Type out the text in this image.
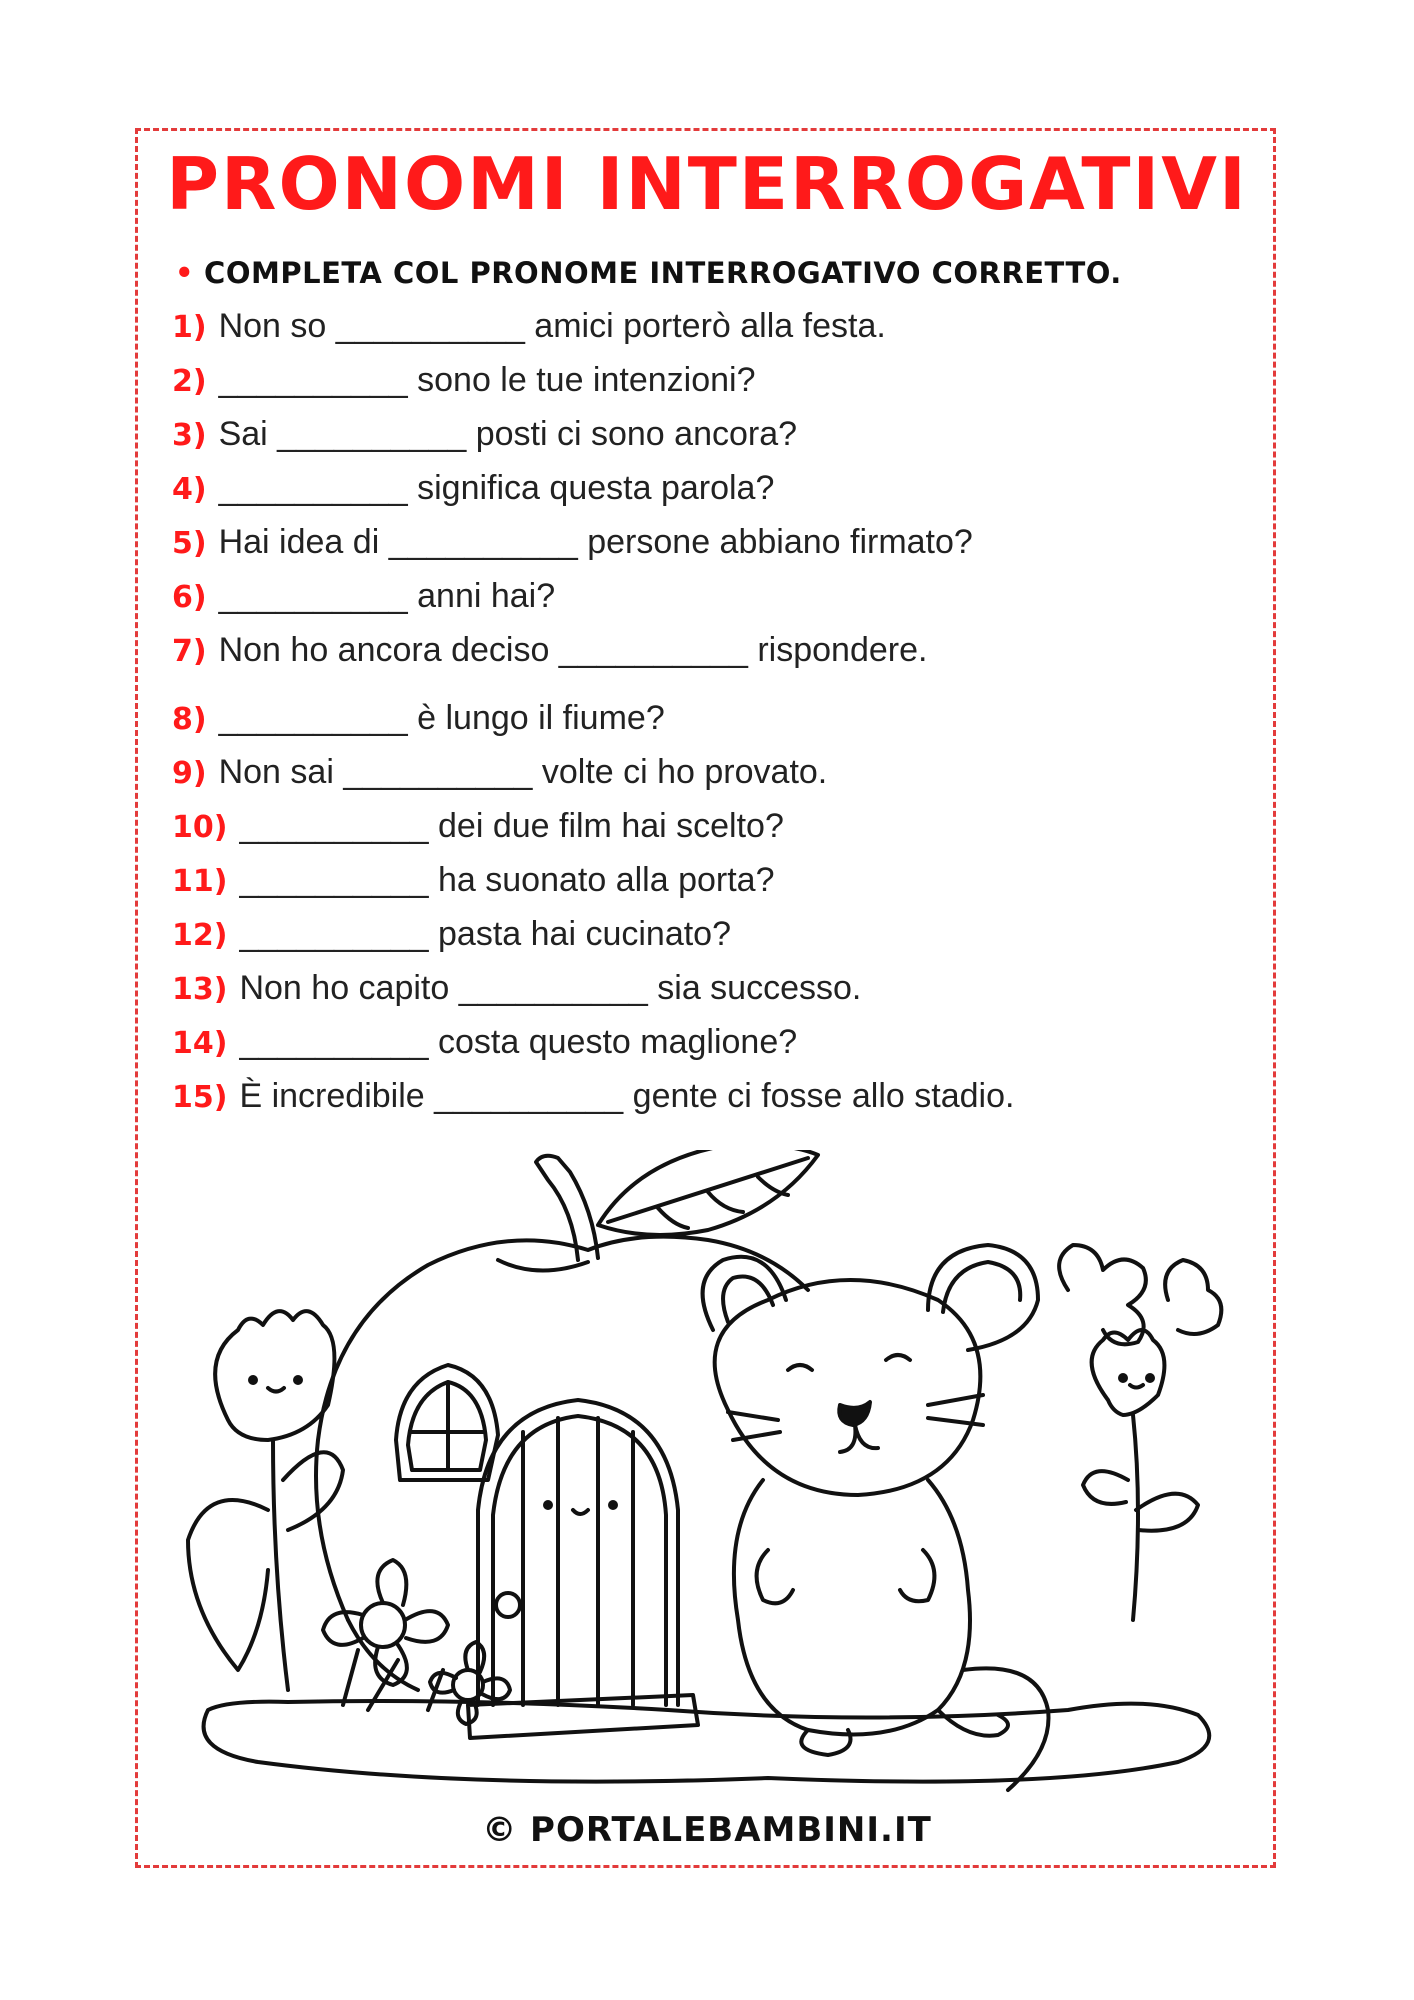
PRONOMI INTERROGATIVI
• COMPLETA COL PRONOME INTERROGATIVO CORRETTO.
1) Non so __________ amici porterò alla festa.
2) __________ sono le tue intenzioni?
3) Sai __________ posti ci sono ancora?
4) __________ significa questa parola?
5) Hai idea di __________ persone abbiano firmato?
6) __________ anni hai?
7) Non ho ancora deciso __________ rispondere.
8) __________ è lungo il fiume?
9) Non sai __________ volte ci ho provato.
10) __________ dei due film hai scelto?
11) __________ ha suonato alla porta?
12) __________ pasta hai cucinato?
13) Non ho capito __________ sia successo.
14) __________ costa questo maglione?
15) È incredibile __________ gente ci fosse allo stadio.
© PORTALEBAMBINI.IT
